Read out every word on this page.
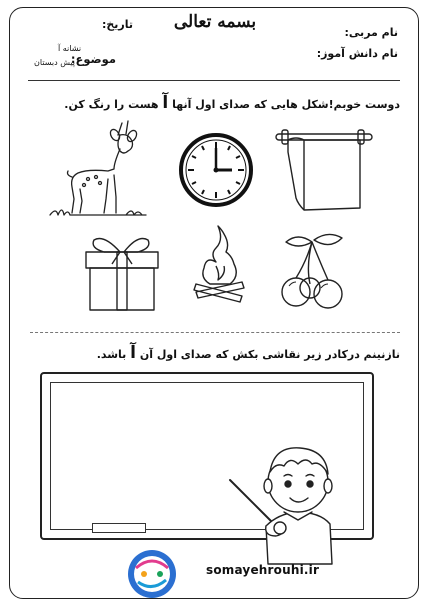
بسمه تعالی
نام مربی:
نام دانش آموز:
تاریخ:
موضوع:
نشانه آ
پیش دبستان
دوست خوبم!شکل هایی که صدای اول آنها آ هست را رنگ کن.
نازنینم درکادر زیر نقاشی بکش که صدای اول آن آ باشد.
somayehrouhi.ir
